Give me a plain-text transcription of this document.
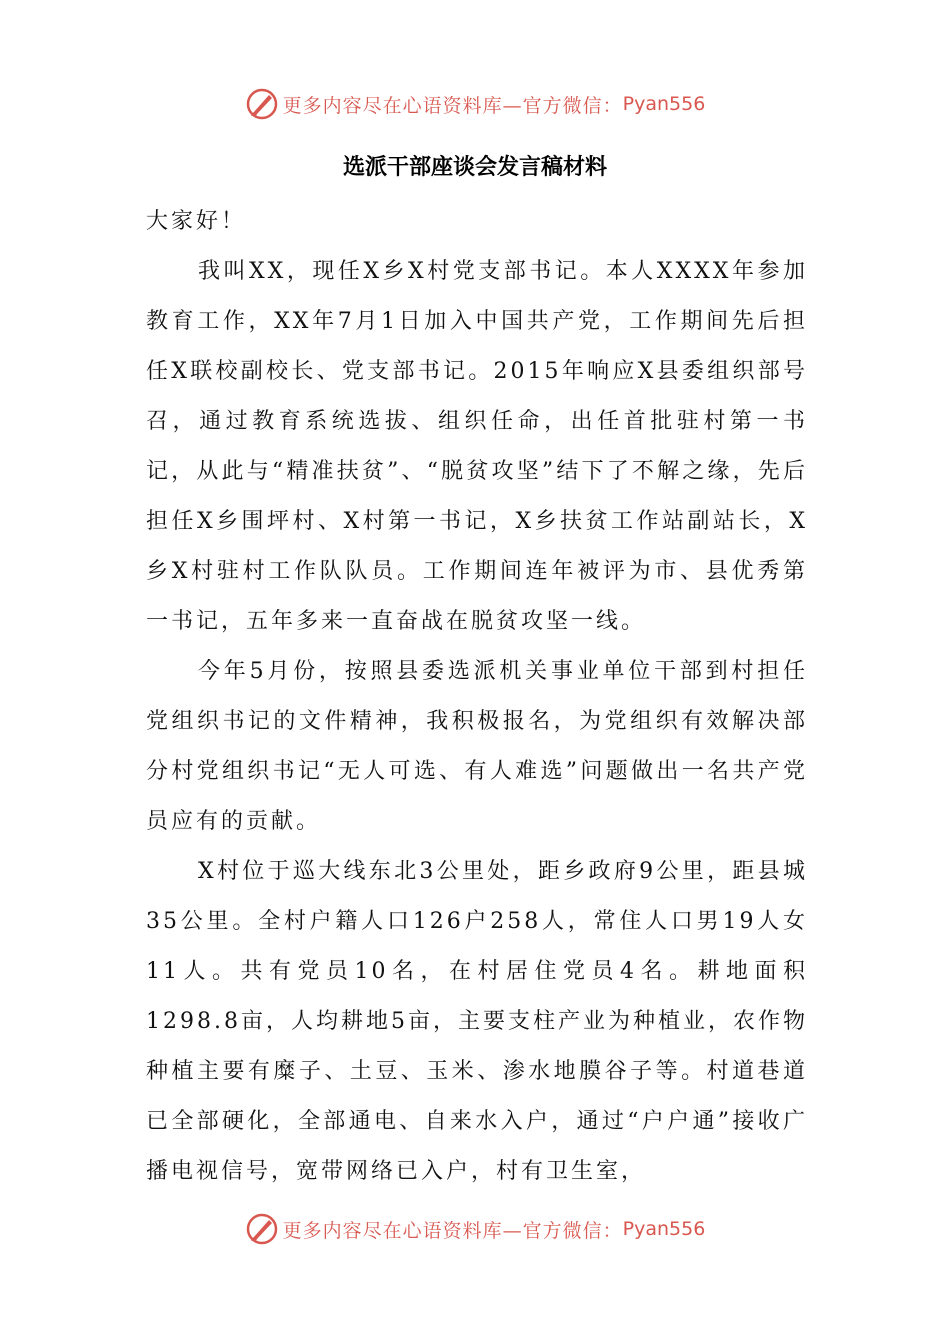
更多内容尽在心语资料库—官方微信： Pyan556
选派干部座谈会发言稿材料

大家好！

我叫XX，现任X乡X村党支部书记。本人XXXX年参加教育工作，XX年7月1日加入中国共产党，工作期间先后担任X联校副校长、党支部书记。2015年响应X县委组织部号召，通过教育系统选拔、组织任命，出任首批驻村第一书记，从此与“精准扶贫”、“脱贫攻坚”结下了不解之缘，先后担任X乡围坪村、X村第一书记，X乡扶贫工作站副站长，X乡X村驻村工作队队员。工作期间连年被评为市、县优秀第一书记，五年多来一直奋战在脱贫攻坚一线。

今年5月份，按照县委选派机关事业单位干部到村担任党组织书记的文件精神，我积极报名，为党组织有效解决部分村党组织书记“无人可选、有人难选”问题做出一名共产党员应有的贡献。

X村位于巡大线东北3公里处，距乡政府9公里，距县城35公里。全村户籍人口126户258人，常住人口男19人女11人。共有党员10名，在村居住党员4名。耕地面积1298.8亩，人均耕地5亩，主要支柱产业为种植业，农作物种植主要有糜子、土豆、玉米、渗水地膜谷子等。村道巷道已全部硬化，全部通电、自来水入户，通过“户户通”接收广播电视信号，宽带网络已入户，村有卫生室，

更多内容尽在心语资料库—官方微信： Pyan556
